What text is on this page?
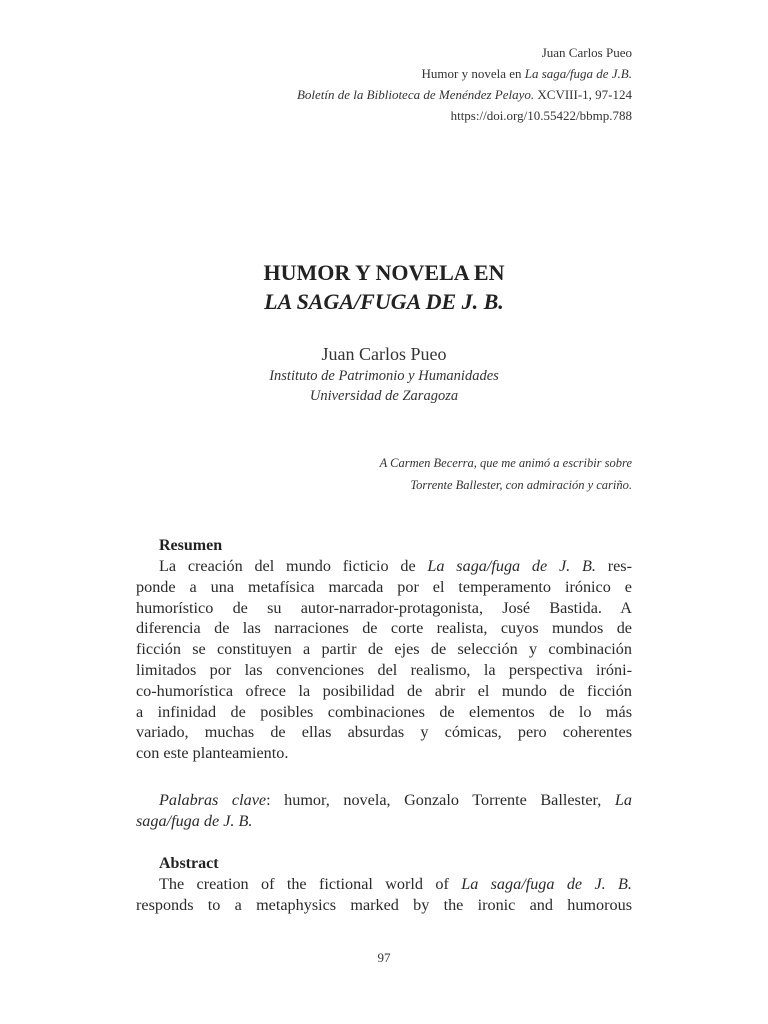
Juan Carlos Pueo
Humor y novela en La saga/fuga de J.B.
Boletín de la Biblioteca de Menéndez Pelayo. XCVIII-1, 97-124
https://doi.org/10.55422/bbmp.788
HUMOR Y NOVELA EN
LA SAGA/FUGA DE J. B.
Juan Carlos Pueo
Instituto de Patrimonio y Humanidades
Universidad de Zaragoza
A Carmen Becerra, que me animó a escribir sobre
Torrente Ballester, con admiración y cariño.
Resumen
La creación del mundo ficticio de La saga/fuga de J. B. res-
ponde a una metafísica marcada por el temperamento irónico e
humorístico de su autor-narrador-protagonista, José Bastida. A
diferencia de las narraciones de corte realista, cuyos mundos de
ficción se constituyen a partir de ejes de selección y combinación
limitados por las convenciones del realismo, la perspectiva iróni-
co-humorística ofrece la posibilidad de abrir el mundo de ficción
a infinidad de posibles combinaciones de elementos de lo más
variado, muchas de ellas absurdas y cómicas, pero coherentes
con este planteamiento.
Palabras clave: humor, novela, Gonzalo Torrente Ballester, La
saga/fuga de J. B.
Abstract
The creation of the fictional world of La saga/fuga de J. B.
responds to a metaphysics marked by the ironic and humorous
97
